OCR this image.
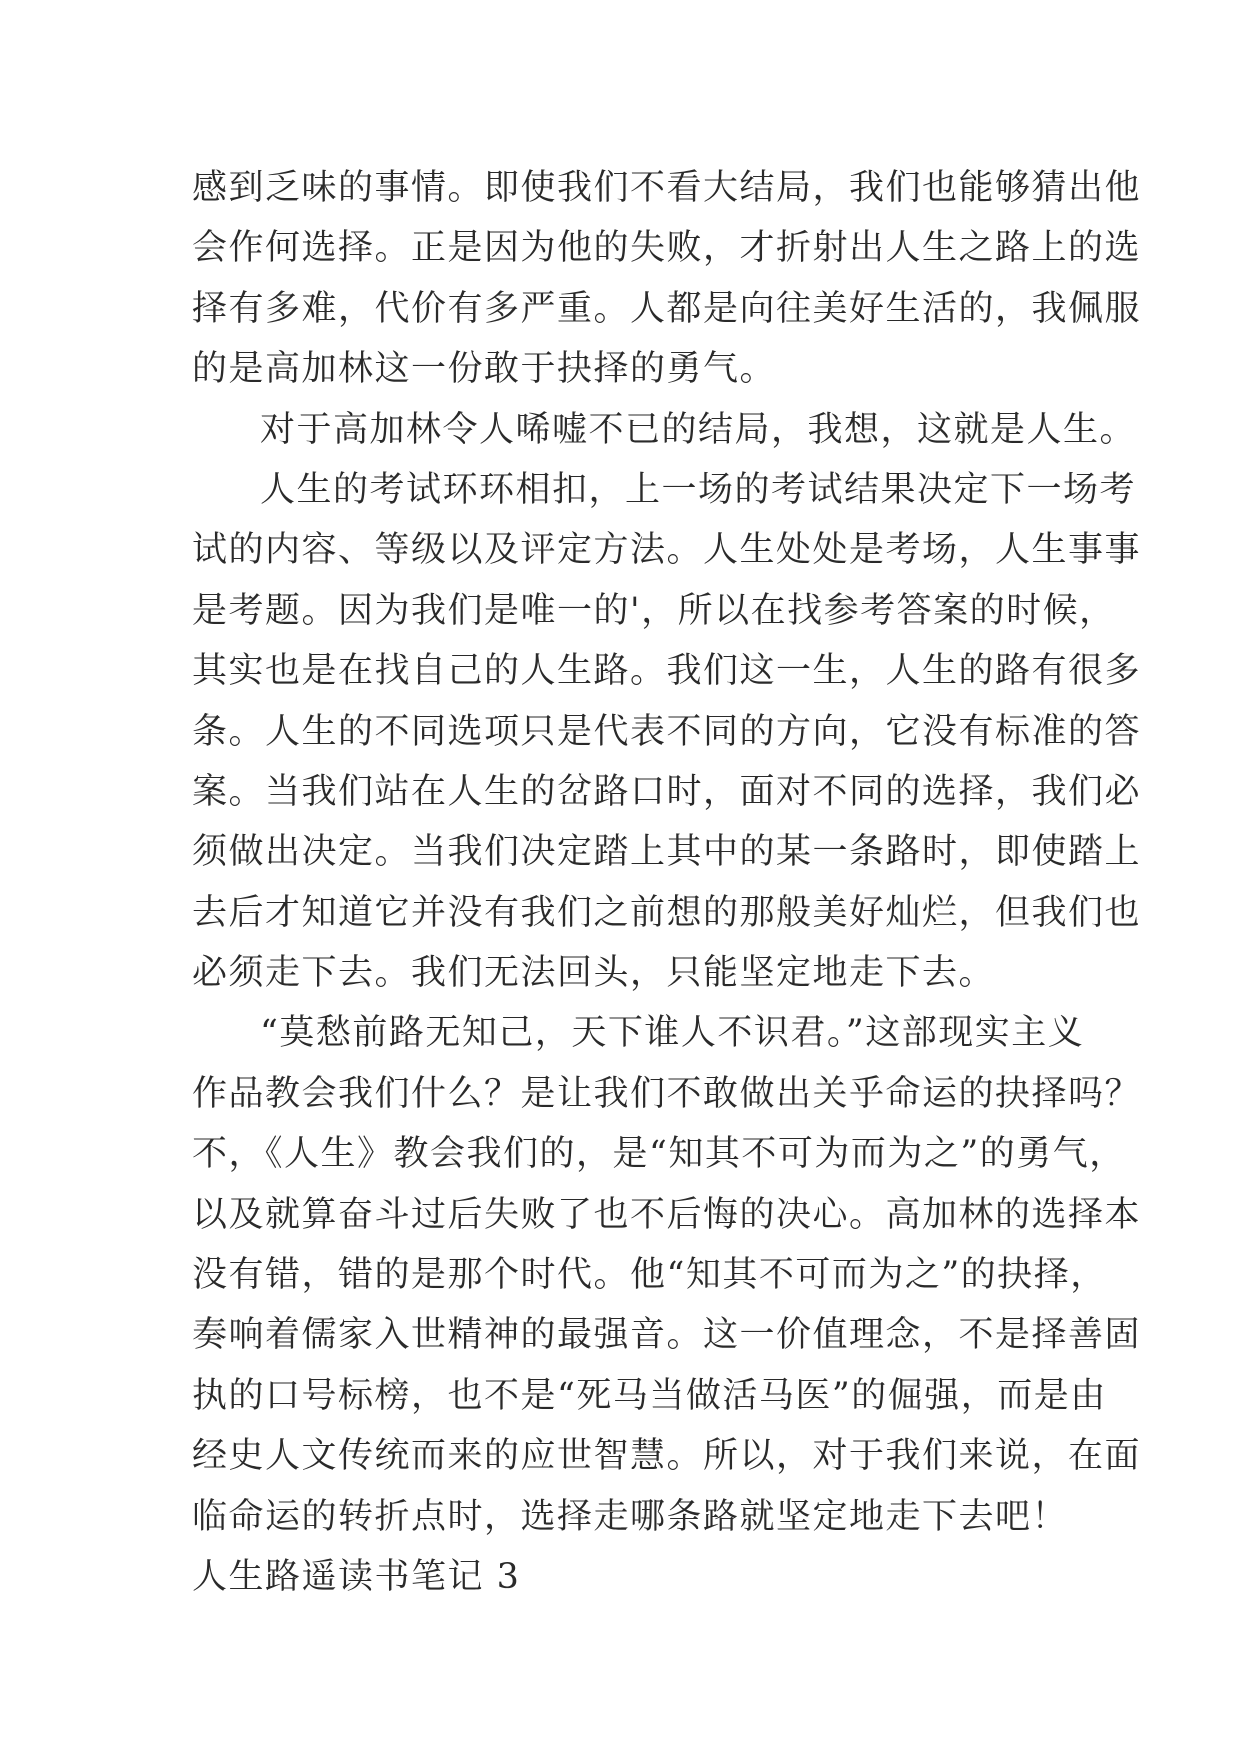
感到乏味的事情。即使我们不看大结局，我们也能够猜出他
会作何选择。正是因为他的失败，才折射出人生之路上的选
择有多难，代价有多严重。人都是向往美好生活的，我佩服
的是高加林这一份敢于抉择的勇气。
对于高加林令人唏嘘不已的结局，我想，这就是人生。
人生的考试环环相扣，上一场的考试结果决定下一场考
试的内容、等级以及评定方法。人生处处是考场，人生事事
是考题。因为我们是唯一的'，所以在找参考答案的时候，
其实也是在找自己的人生路。我们这一生，人生的路有很多
条。人生的不同选项只是代表不同的方向，它没有标准的答
案。当我们站在人生的岔路口时，面对不同的选择，我们必
须做出决定。当我们决定踏上其中的某一条路时，即使踏上
去后才知道它并没有我们之前想的那般美好灿烂，但我们也
必须走下去。我们无法回头，只能坚定地走下去。
“莫愁前路无知己，天下谁人不识君。”这部现实主义
作品教会我们什么？是让我们不敢做出关乎命运的抉择吗？
不，《人生》教会我们的，是“知其不可为而为之”的勇气，
以及就算奋斗过后失败了也不后悔的决心。高加林的选择本
没有错，错的是那个时代。他“知其不可而为之”的抉择，
奏响着儒家入世精神的最强音。这一价值理念，不是择善固
执的口号标榜，也不是“死马当做活马医”的倔强，而是由
经史人文传统而来的应世智慧。所以，对于我们来说，在面
临命运的转折点时，选择走哪条路就坚定地走下去吧！
人生路遥读书笔记 3
